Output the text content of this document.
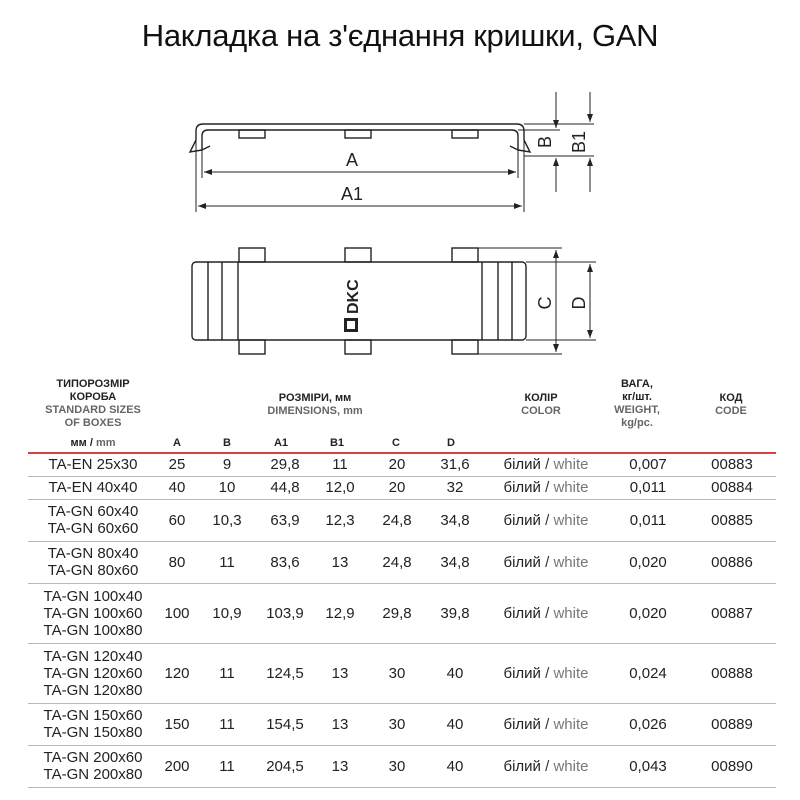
Накладка на з'єднання кришки, GAN
DKC
A
A1
B B1
C D
ТИПОРОЗМІР
КОРОБА
STANDARD SIZES
OF BOXES
мм / mm
РОЗМІРИ, мм
DIMENSIONS, mm
A	B	A1	B1	C	D
КОЛІР
COLOR
ВАГА,
кг/шт.
WEIGHT,
kg/pc.
КОД
CODE
TA-EN 25x30	25	9	29,8	11	20	31,6	білий / white	0,007	00883

TA-EN 40x40	40	10	44,8	12,0	20	32	білий / white	0,011	00884

TA-GN 60x40
TA-GN 60x60	60	10,3	63,9	12,3	24,8	34,8	білий / white	0,011	00885

TA-GN 80x40
TA-GN 80x60	80	11	83,6	13	24,8	34,8	білий / white	0,020	00886

TA-GN 100x40
TA-GN 100x60
TA-GN 100x80	100	10,9	103,9	12,9	29,8	39,8	білий / white	0,020	00887

TA-GN 120x40
TA-GN 120x60
TA-GN 120x80	120	11	124,5	13	30	40	білий / white	0,024	00888

TA-GN 150x60
TA-GN 150x80	150	11	154,5	13	30	40	білий / white	0,026	00889

TA-GN 200x60
TA-GN 200x80	200	11	204,5	13	30	40	білий / white	0,043	00890
